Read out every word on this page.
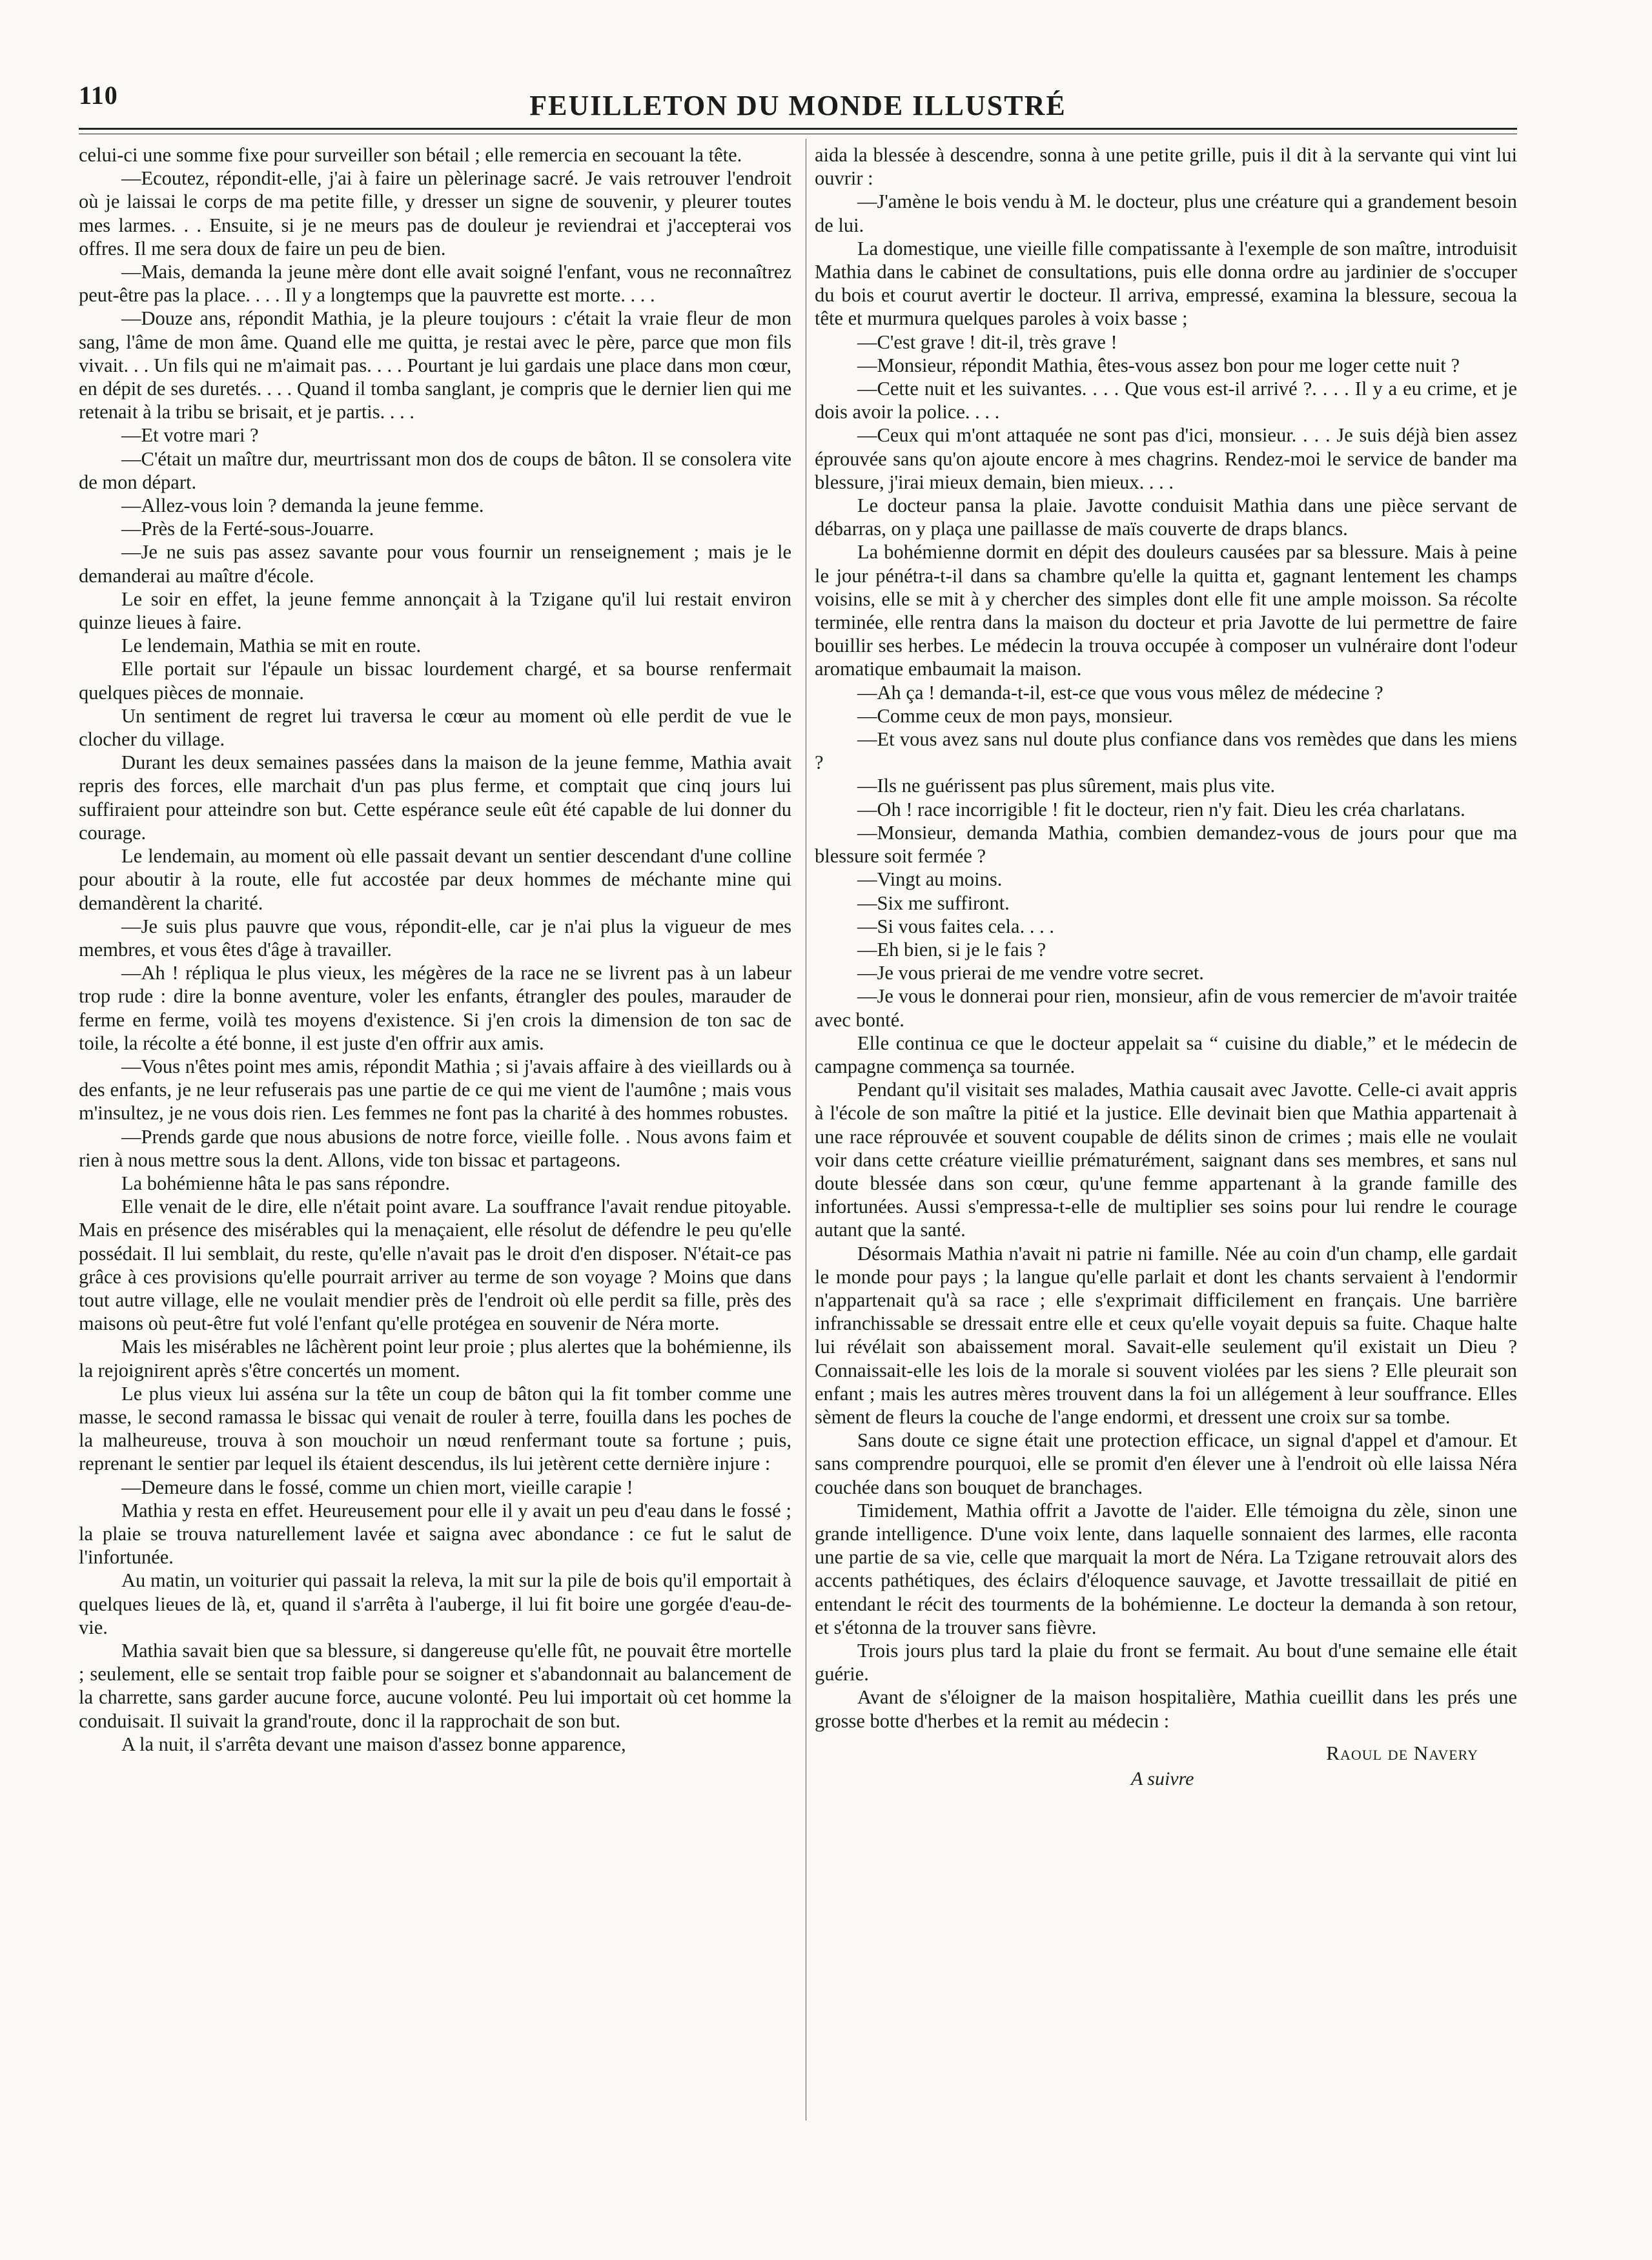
110	FEUILLETON DU MONDE ILLUSTRÉ

celui-ci une somme fixe pour surveiller son bétail ; elle remercia en secouant la tête.

—Ecoutez, répondit-elle, j'ai à faire un pèlerinage sacré. Je vais retrouver l'endroit où je laissai le corps de ma petite fille, y dresser un signe de souvenir, y pleurer toutes mes larmes. . . Ensuite, si je ne meurs pas de douleur je reviendrai et j'accepterai vos offres. Il me sera doux de faire un peu de bien.

—Mais, demanda la jeune mère dont elle avait soigné l'enfant, vous ne reconnaîtrez peut-être pas la place. . . . Il y a longtemps que la pauvrette est morte. . . .

—Douze ans, répondit Mathia, je la pleure toujours : c'était la vraie fleur de mon sang, l'âme de mon âme. Quand elle me quitta, je restai avec le père, parce que mon fils vivait. . . Un fils qui ne m'aimait pas. . . . Pourtant je lui gardais une place dans mon cœur, en dépit de ses duretés. . . . Quand il tomba sanglant, je compris que le dernier lien qui me retenait à la tribu se brisait, et je partis. . . .

—Et votre mari ?

—C'était un maître dur, meurtrissant mon dos de coups de bâton. Il se consolera vite de mon départ.

—Allez-vous loin ? demanda la jeune femme.

—Près de la Ferté-sous-Jouarre.

—Je ne suis pas assez savante pour vous fournir un renseignement ; mais je le demanderai au maître d'école.

Le soir en effet, la jeune femme annonçait à la Tzigane qu'il lui restait environ quinze lieues à faire.

Le lendemain, Mathia se mit en route.

Elle portait sur l'épaule un bissac lourdement chargé, et sa bourse renfermait quelques pièces de monnaie.

Un sentiment de regret lui traversa le cœur au moment où elle perdit de vue le clocher du village.

Durant les deux semaines passées dans la maison de la jeune femme, Mathia avait repris des forces, elle marchait d'un pas plus ferme, et comptait que cinq jours lui suffiraient pour atteindre son but. Cette espérance seule eût été capable de lui donner du courage.

Le lendemain, au moment où elle passait devant un sentier descendant d'une colline pour aboutir à la route, elle fut accostée par deux hommes de méchante mine qui demandèrent la charité.

—Je suis plus pauvre que vous, répondit-elle, car je n'ai plus la vigueur de mes membres, et vous êtes d'âge à travailler.

—Ah ! répliqua le plus vieux, les mégères de la race ne se livrent pas à un labeur trop rude : dire la bonne aventure, voler les enfants, étrangler des poules, marauder de ferme en ferme, voilà tes moyens d'existence. Si j'en crois la dimension de ton sac de toile, la récolte a été bonne, il est juste d'en offrir aux amis.

—Vous n'êtes point mes amis, répondit Mathia ; si j'avais affaire à des vieillards ou à des enfants, je ne leur refuserais pas une partie de ce qui me vient de l'aumône ; mais vous m'insultez, je ne vous dois rien. Les femmes ne font pas la charité à des hommes robustes.

—Prends garde que nous abusions de notre force, vieille folle. . Nous avons faim et rien à nous mettre sous la dent. Allons, vide ton bissac et partageons.

La bohémienne hâta le pas sans répondre.

Elle venait de le dire, elle n'était point avare. La souffrance l'avait rendue pitoyable. Mais en présence des misérables qui la menaçaient, elle résolut de défendre le peu qu'elle possédait. Il lui semblait, du reste, qu'elle n'avait pas le droit d'en disposer. N'était-ce pas grâce à ces provisions qu'elle pourrait arriver au terme de son voyage ? Moins que dans tout autre village, elle ne voulait mendier près de l'endroit où elle perdit sa fille, près des maisons où peut-être fut volé l'enfant qu'elle protégea en souvenir de Néra morte.

Mais les misérables ne lâchèrent point leur proie ; plus alertes que la bohémienne, ils la rejoignirent après s'être concertés un moment.

Le plus vieux lui asséna sur la tête un coup de bâton qui la fit tomber comme une masse, le second ramassa le bissac qui venait de rouler à terre, fouilla dans les poches de la malheureuse, trouva à son mouchoir un nœud renfermant toute sa fortune ; puis, reprenant le sentier par lequel ils étaient descendus, ils lui jetèrent cette dernière injure :

—Demeure dans le fossé, comme un chien mort, vieille carapie !

Mathia y resta en effet. Heureusement pour elle il y avait un peu d'eau dans le fossé ; la plaie se trouva naturellement lavée et saigna avec abondance : ce fut le salut de l'infortunée.

Au matin, un voiturier qui passait la releva, la mit sur la pile de bois qu'il emportait à quelques lieues de là, et, quand il s'arrêta à l'auberge, il lui fit boire une gorgée d'eau-de-vie.

Mathia savait bien que sa blessure, si dangereuse qu'elle fût, ne pouvait être mortelle ; seulement, elle se sentait trop faible pour se soigner et s'abandonnait au balancement de la charrette, sans garder aucune force, aucune volonté. Peu lui importait où cet homme la conduisait. Il suivait la grand'route, donc il la rapprochait de son but.

A la nuit, il s'arrêta devant une maison d'assez bonne apparence,

aida la blessée à descendre, sonna à une petite grille, puis il dit à la servante qui vint lui ouvrir :

—J'amène le bois vendu à M. le docteur, plus une créature qui a grandement besoin de lui.

La domestique, une vieille fille compatissante à l'exemple de son maître, introduisit Mathia dans le cabinet de consultations, puis elle donna ordre au jardinier de s'occuper du bois et courut avertir le docteur. Il arriva, empressé, examina la blessure, secoua la tête et murmura quelques paroles à voix basse ;

—C'est grave ! dit-il, très grave !

—Monsieur, répondit Mathia, êtes-vous assez bon pour me loger cette nuit ?

—Cette nuit et les suivantes. . . . Que vous est-il arrivé ?. . . . Il y a eu crime, et je dois avoir la police. . . .

—Ceux qui m'ont attaquée ne sont pas d'ici, monsieur. . . . Je suis déjà bien assez éprouvée sans qu'on ajoute encore à mes chagrins. Rendez-moi le service de bander ma blessure, j'irai mieux demain, bien mieux. . . .

Le docteur pansa la plaie. Javotte conduisit Mathia dans une pièce servant de débarras, on y plaça une paillasse de maïs couverte de draps blancs.

La bohémienne dormit en dépit des douleurs causées par sa blessure. Mais à peine le jour pénétra-t-il dans sa chambre qu'elle la quitta et, gagnant lentement les champs voisins, elle se mit à y chercher des simples dont elle fit une ample moisson. Sa récolte terminée, elle rentra dans la maison du docteur et pria Javotte de lui permettre de faire bouillir ses herbes. Le médecin la trouva occupée à composer un vulnéraire dont l'odeur aromatique embaumait la maison.

—Ah ça ! demanda-t-il, est-ce que vous vous mêlez de médecine ?

—Comme ceux de mon pays, monsieur.

—Et vous avez sans nul doute plus confiance dans vos remèdes que dans les miens ?

—Ils ne guérissent pas plus sûrement, mais plus vite.

—Oh ! race incorrigible ! fit le docteur, rien n'y fait. Dieu les créa charlatans.

—Monsieur, demanda Mathia, combien demandez-vous de jours pour que ma blessure soit fermée ?

—Vingt au moins.

—Six me suffiront.

—Si vous faites cela. . . .

—Eh bien, si je le fais ?

—Je vous prierai de me vendre votre secret.

—Je vous le donnerai pour rien, monsieur, afin de vous remercier de m'avoir traitée avec bonté.

Elle continua ce que le docteur appelait sa “ cuisine du diable,” et le médecin de campagne commença sa tournée.

Pendant qu'il visitait ses malades, Mathia causait avec Javotte. Celle-ci avait appris à l'école de son maître la pitié et la justice. Elle devinait bien que Mathia appartenait à une race réprouvée et souvent coupable de délits sinon de crimes ; mais elle ne voulait voir dans cette créature vieillie prématurément, saignant dans ses membres, et sans nul doute blessée dans son cœur, qu'une femme appartenant à la grande famille des infortunées. Aussi s'empressa-t-elle de multiplier ses soins pour lui rendre le courage autant que la santé.

Désormais Mathia n'avait ni patrie ni famille. Née au coin d'un champ, elle gardait le monde pour pays ; la langue qu'elle parlait et dont les chants servaient à l'endormir n'appartenait qu'à sa race ; elle s'exprimait difficilement en français. Une barrière infranchissable se dressait entre elle et ceux qu'elle voyait depuis sa fuite. Chaque halte lui révélait son abaissement moral. Savait-elle seulement qu'il existait un Dieu ? Connaissait-elle les lois de la morale si souvent violées par les siens ? Elle pleurait son enfant ; mais les autres mères trouvent dans la foi un allégement à leur souffrance. Elles sèment de fleurs la couche de l'ange endormi, et dressent une croix sur sa tombe.

Sans doute ce signe était une protection efficace, un signal d'appel et d'amour. Et sans comprendre pourquoi, elle se promit d'en élever une à l'endroit où elle laissa Néra couchée dans son bouquet de branchages.

Timidement, Mathia offrit a Javotte de l'aider. Elle témoigna du zèle, sinon une grande intelligence. D'une voix lente, dans laquelle sonnaient des larmes, elle raconta une partie de sa vie, celle que marquait la mort de Néra. La Tzigane retrouvait alors des accents pathétiques, des éclairs d'éloquence sauvage, et Javotte tressaillait de pitié en entendant le récit des tourments de la bohémienne. Le docteur la demanda à son retour, et s'étonna de la trouver sans fièvre.

Trois jours plus tard la plaie du front se fermait. Au bout d'une semaine elle était guérie.

Avant de s'éloigner de la maison hospitalière, Mathia cueillit dans les prés une grosse botte d'herbes et la remit au médecin :

Raoul de Navery
A suivre
